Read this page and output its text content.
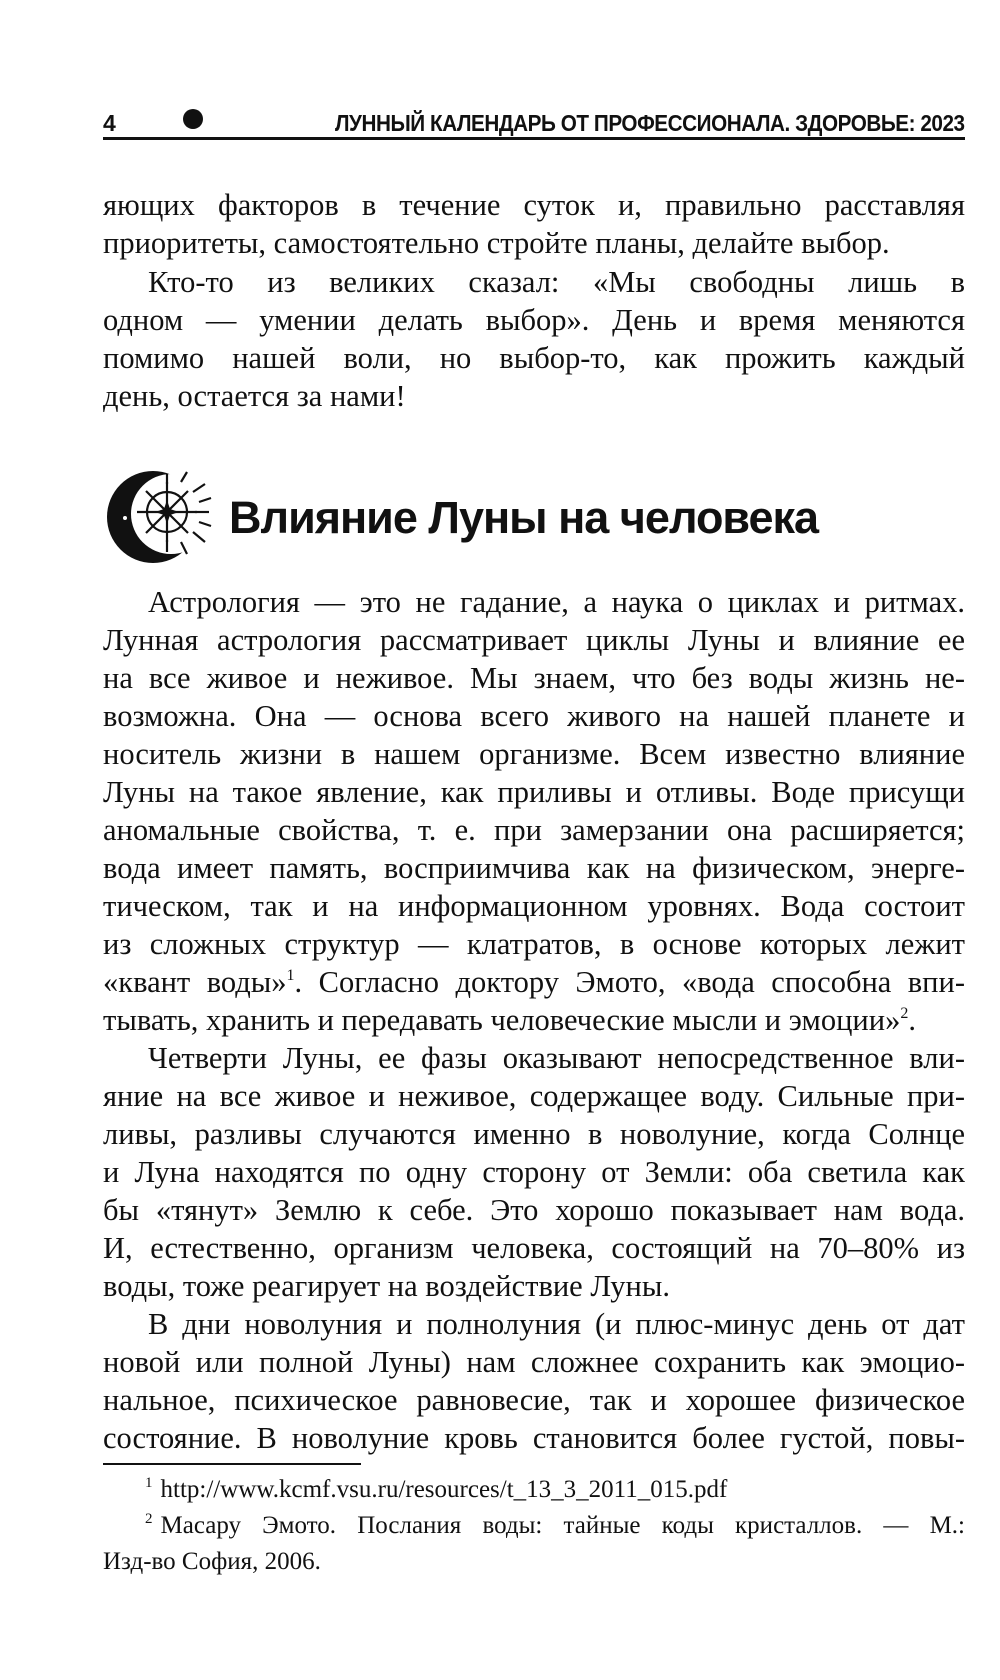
4	ЛУННЫЙ КАЛЕНДАРЬ ОТ ПРОФЕССИОНАЛА. ЗДОРОВЬЕ: 2023

яющих факторов в течение суток и, правильно расставляя

приоритеты, самостоятельно стройте планы, делайте выбор.

Кто-то из великих сказал: «Мы свободны лишь в

одном — умении делать выбор». День и время меняются

помимо нашей воли, но выбор-то, как прожить каждый

день, остается за нами!

Влияние Луны на человека

Астрология — это не гадание, а наука о циклах и ритмах.

Лунная астрология рассматривает циклы Луны и влияние ее

на все живое и неживое. Мы знаем, что без воды жизнь не-

возможна. Она — основа всего живого на нашей планете и

носитель жизни в нашем организме. Всем известно влияние

Луны на такое явление, как приливы и отливы. Воде присущи

аномальные свойства, т. е. при замерзании она расширяется;

вода имеет память, восприимчива как на физическом, энерге-

тическом, так и на информационном уровнях. Вода состоит

из сложных структур — клатратов, в основе которых лежит

«квант воды»$^1$. Согласно доктору Эмото, «вода способна впи-

тывать, хранить и передавать человеческие мысли и эмоции»$^2$.

Четверти Луны, ее фазы оказывают непосредственное вли-

яние на все живое и неживое, содержащее воду. Сильные при-

ливы, разливы случаются именно в новолуние, когда Солнце

и Луна находятся по одну сторону от Земли: оба светила как

бы «тянут» Землю к себе. Это хорошо показывает нам вода.

И, естественно, организм человека, состоящий на 70–80% из

воды, тоже реагирует на воздействие Луны.

В дни новолуния и полнолуния (и плюс-минус день от дат

новой или полной Луны) нам сложнее сохранить как эмоцио-

нальное, психическое равновесие, так и хорошее физическое

состояние. В новолуние кровь становится более густой, повы-

$^1$ http://www.kcmf.vsu.ru/resources/t_13_3_2011_015.pdf

$^2$ Масару Эмото. Послания воды: тайные коды кристаллов. — М.:

Изд-во София, 2006.
